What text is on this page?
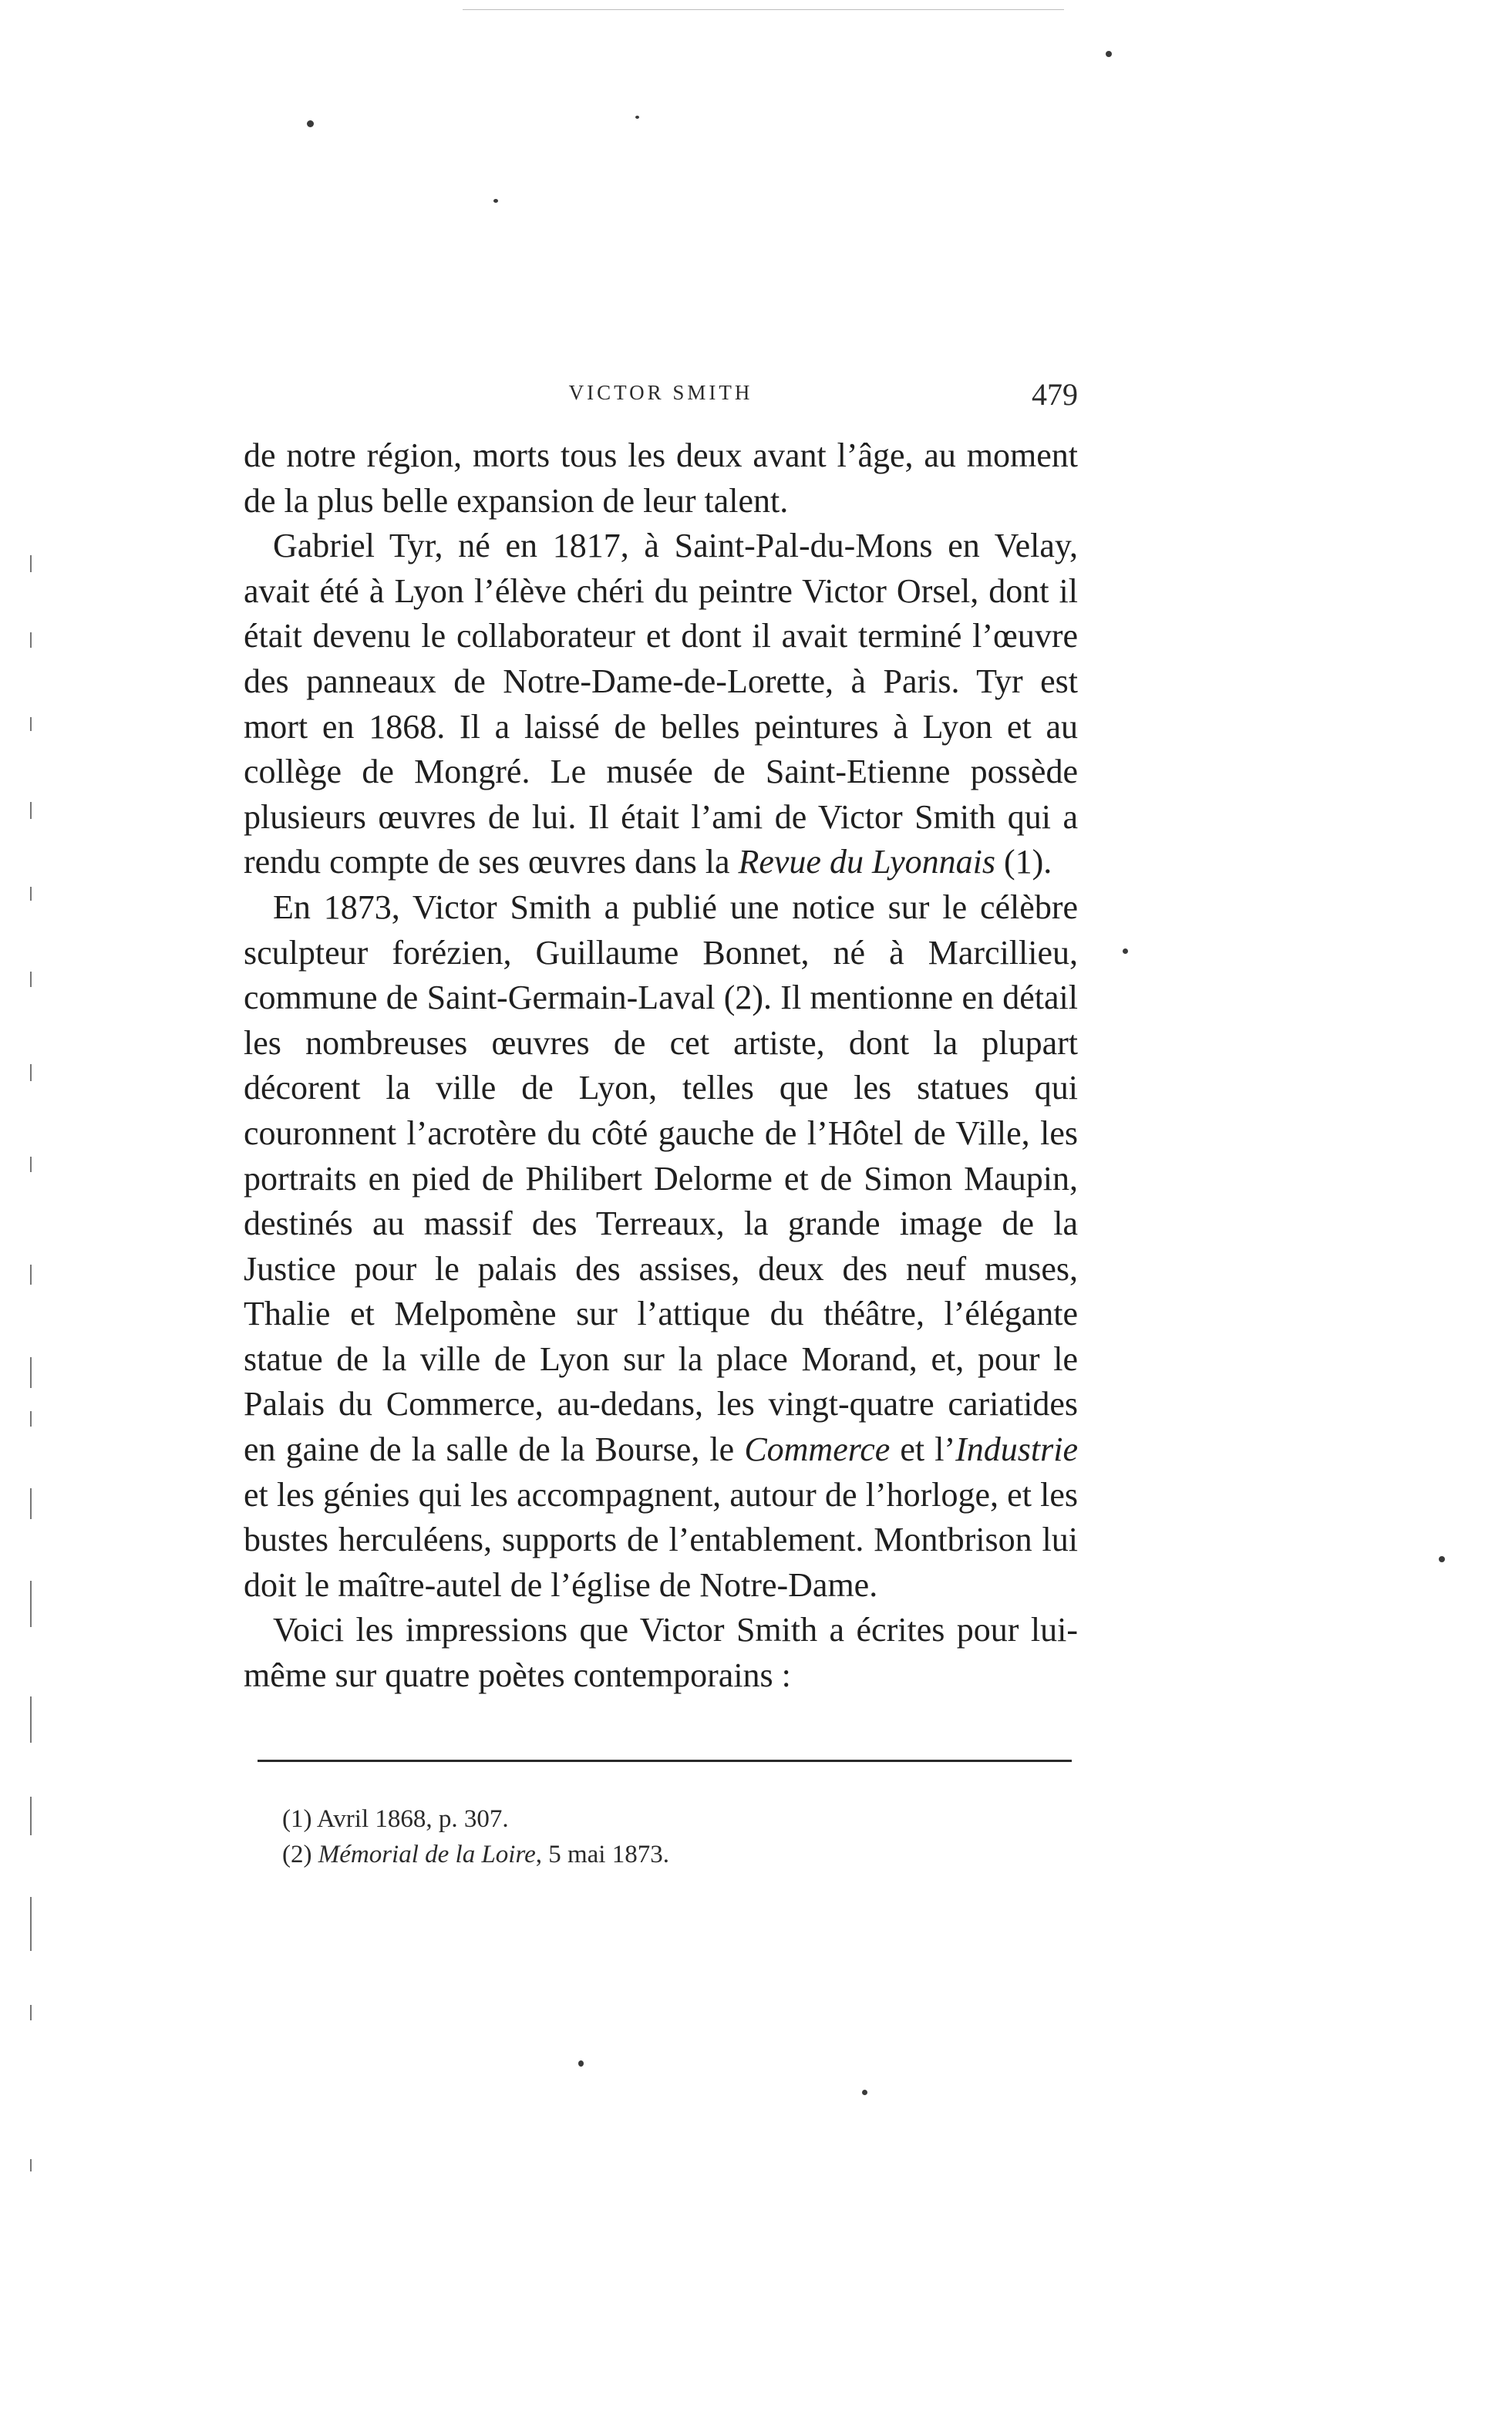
VICTOR SMITH	479

de notre région, morts tous les deux avant l’âge, au moment de la plus belle expansion de leur talent.

Gabriel Tyr, né en 1817, à Saint-Pal-du-Mons en Velay, avait été à Lyon l’élève chéri du peintre Victor Orsel, dont il était devenu le collaborateur et dont il avait terminé l’œuvre des panneaux de Notre-Dame-de-Lorette, à Paris. Tyr est mort en 1868. Il a laissé de belles peintures à Lyon et au collège de Mongré. Le musée de Saint-Etienne possède plusieurs œuvres de lui. Il était l’ami de Victor Smith qui a rendu compte de ses œuvres dans la Revue du Lyonnais (1).

En 1873, Victor Smith a publié une notice sur le célèbre sculpteur forézien, Guillaume Bonnet, né à Marcillieu, commune de Saint-Germain-Laval (2). Il mentionne en détail les nombreuses œuvres de cet artiste, dont la plupart décorent la ville de Lyon, telles que les statues qui couronnent l’acrotère du côté gauche de l’Hôtel de Ville, les portraits en pied de Philibert Delorme et de Simon Maupin, destinés au massif des Terreaux, la grande image de la Justice pour le palais des assises, deux des neuf muses, Thalie et Melpomène sur l’attique du théâtre, l’élégante statue de la ville de Lyon sur la place Morand, et, pour le Palais du Commerce, au-dedans, les vingt-quatre cariatides en gaine de la salle de la Bourse, le Commerce et l’Industrie et les génies qui les accompagnent, autour de l’horloge, et les bustes herculéens, supports de l’entablement. Montbrison lui doit le maître-autel de l’église de Notre-Dame.

Voici les impressions que Victor Smith a écrites pour lui-même sur quatre poètes contemporains :

(1) Avril 1868, p. 307.

(2) Mémorial de la Loire, 5 mai 1873.
